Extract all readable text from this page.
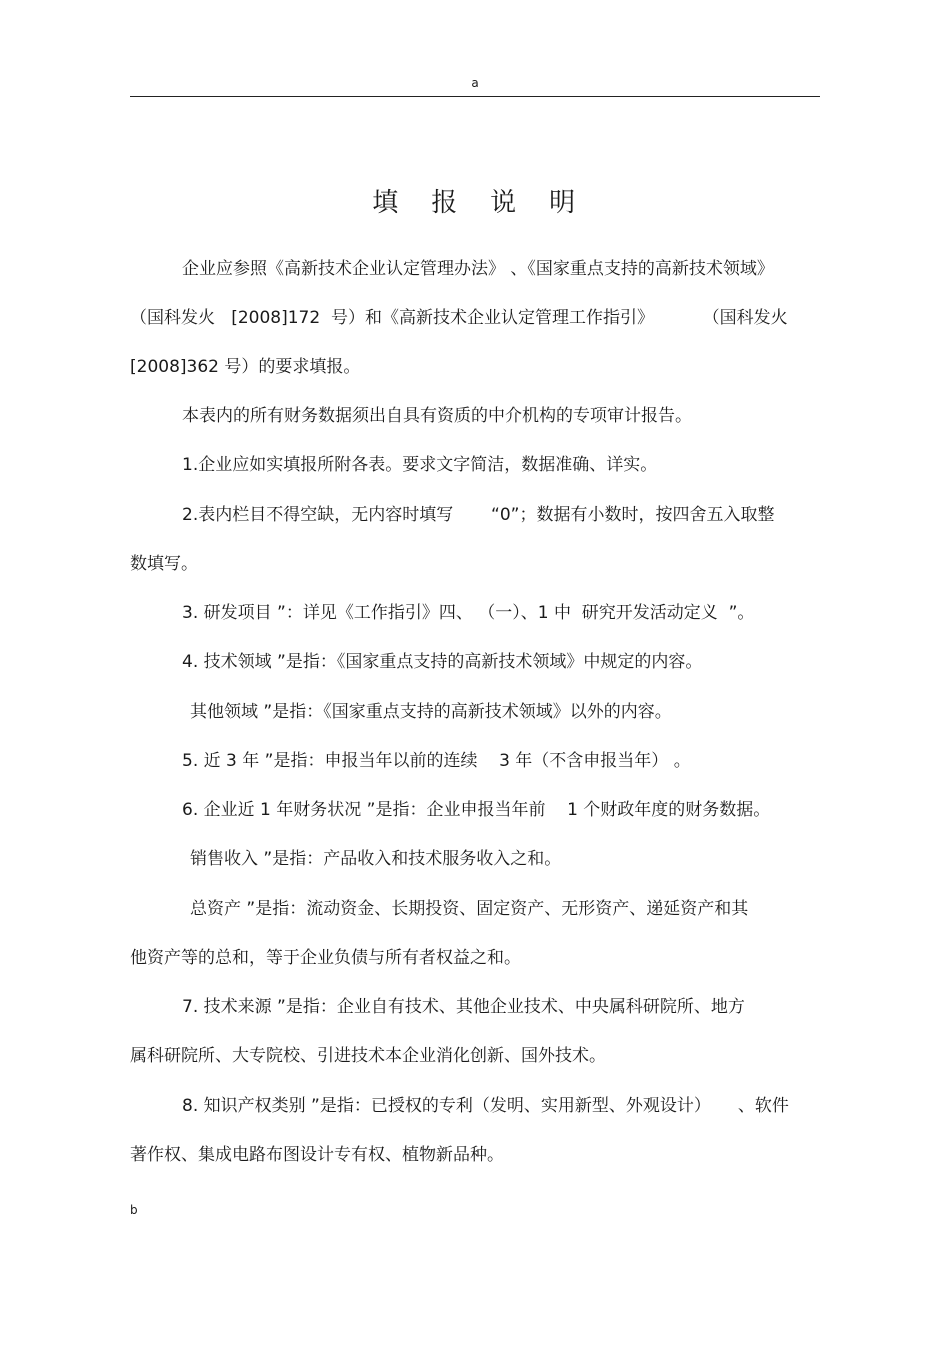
a
填 报 说 明
企业应参照《高新技术企业认定管理办法》 、《国家重点支持的高新技术领域》
（国科发火   [2008]172  号）和《高新技术企业认定管理工作指引》         （国科发火
[2008]362 号）的要求填报。
本表内的所有财务数据须出自具有资质的中介机构的专项审计报告。
1.企业应如实填报所附各表。要求文字简洁，数据准确、详实。
2.表内栏目不得空缺，无内容时填写       “0”；数据有小数时，按四舍五入取整
数填写。
3. 研发项目 ”：详见《工作指引》四、 （一）、1 中  研究开发活动定义  ”。
4. 技术领域 ”是指：《国家重点支持的高新技术领域》中规定的内容。
其他领域 ”是指：《国家重点支持的高新技术领域》以外的内容。
5. 近 3 年 ”是指：申报当年以前的连续    3 年（不含申报当年） 。
6. 企业近 1 年财务状况 ”是指：企业申报当年前    1 个财政年度的财务数据。
销售收入 ”是指：产品收入和技术服务收入之和。
总资产 ”是指：流动资金、长期投资、固定资产、无形资产、递延资产和其
他资产等的总和，等于企业负债与所有者权益之和。
7. 技术来源 ”是指：企业自有技术、其他企业技术、中央属科研院所、地方
属科研院所、大专院校、引进技术本企业消化创新、国外技术。
8. 知识产权类别 ”是指：已授权的专利（发明、实用新型、外观设计）     、软件
著作权、集成电路布图设计专有权、植物新品种。
b
